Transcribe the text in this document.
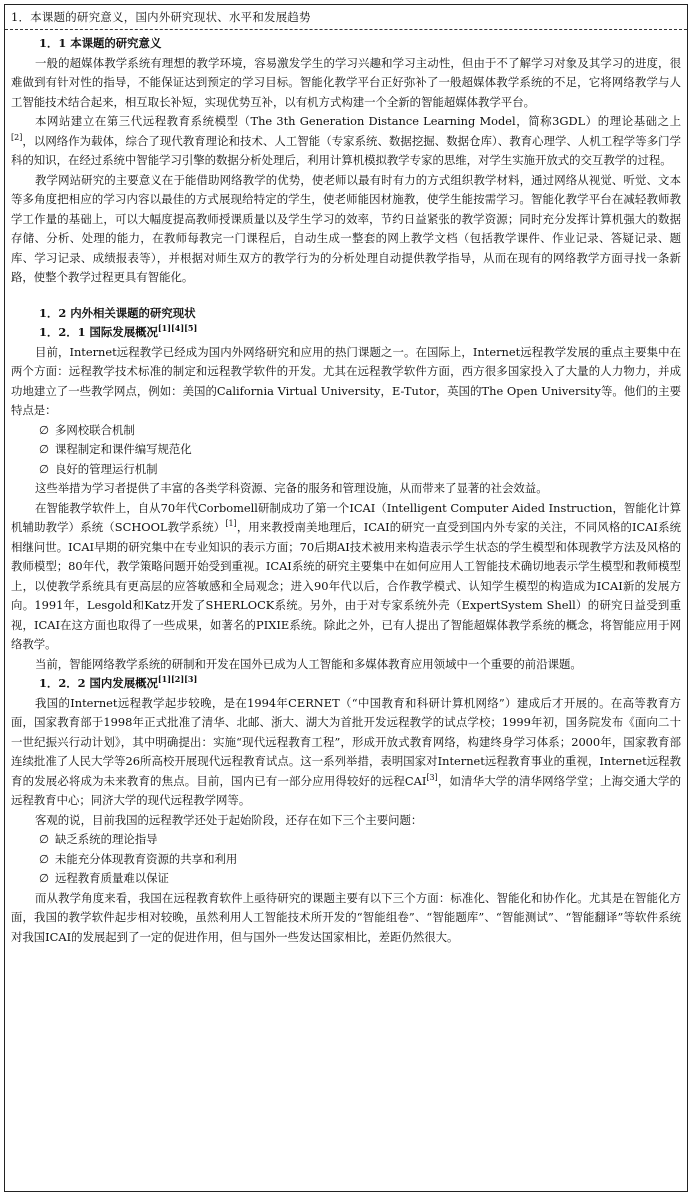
1．本课题的研究意义，国内外研究现状、水平和发展趋势
1．1 本课题的研究意义

一般的超媒体教学系统有理想的教学环境，容易激发学生的学习兴趣和学习主动性，但由于不了解学习对象及其学习的进度，很难做到有针对性的指导，不能保证达到预定的学习目标。智能化教学平台正好弥补了一般超媒体教学系统的不足，它将网络教学与人工智能技术结合起来，相互取长补短，实现优势互补，以有机方式构建一个全新的智能超媒体教学平台。

本网站建立在第三代远程教育系统模型（The 3th Generation Distance Learning Model，简称3GDL）的理论基础之上[2]，以网络作为载体，综合了现代教育理论和技术、人工智能（专家系统、数据挖掘、数据仓库）、教育心理学、人机工程学等多门学科的知识，在经过系统中智能学习引擎的数据分析处理后，利用计算机模拟教学专家的思维，对学生实施开放式的交互教学的过程。

教学网站研究的主要意义在于能借助网络教学的优势，使老师以最有时有力的方式组织教学材料，通过网络从视觉、听觉、文本等多角度把相应的学习内容以最佳的方式展现给特定的学生，使老师能因材施教，使学生能按需学习。智能化教学平台在减轻教师教学工作量的基础上，可以大幅度提高教师授课质量以及学生学习的效率，节约日益紧张的教学资源；同时充分发挥计算机强大的数据存储、分析、处理的能力，在教师每教完一门课程后，自动生成一整套的网上教学文档（包括教学课件、作业记录、答疑记录、题库、学习记录、成绩报表等），并根据对师生双方的教学行为的分析处理自动提供教学指导，从而在现有的网络教学方面寻找一条新路，使整个教学过程更具有智能化。

1．2 内外相关课题的研究现状
1．2．1 国际发展概况[1][4][5]

目前，Internet远程教学已经成为国内外网络研究和应用的热门课题之一。在国际上，Internet远程教学发展的重点主要集中在两个方面：远程教学技术标准的制定和远程教学软件的开发。尤其在远程教学软件方面，西方很多国家投入了大量的人力物力，并成功地建立了一些教学网点，例如：美国的California Virtual University，E-Tutor，英国的The Open University等。他们的主要特点是：

∅ 多网校联合机制
∅ 课程制定和课件编写规范化
∅ 良好的管理运行机制

这些举措为学习者提供了丰富的各类学科资源、完备的服务和管理设施，从而带来了显著的社会效益。

在智能教学软件上，自从70年代Corbomell研制成功了第一个ICAI（Intelligent Computer Aided Instruction，智能化计算机辅助教学）系统（SCHOOL教学系统）[1]，用来教授南美地理后，ICAI的研究一直受到国内外专家的关注，不同风格的ICAI系统相继问世。ICAI早期的研究集中在专业知识的表示方面；70后期AI技术被用来构造表示学生状态的学生模型和体现教学方法及风格的教师模型；80年代，教学策略问题开始受到重视。ICAI系统的研究主要集中在如何应用人工智能技术确切地表示学生模型和教师模型上，以使教学系统具有更高层的应答敏感和全局观念；进入90年代以后，合作教学模式、认知学生模型的构造成为ICAI新的发展方向。1991年，Lesgold和Katz开发了SHERLOCK系统。另外，由于对专家系统外壳（ExpertSystem Shell）的研究日益受到重视，ICAI在这方面也取得了一些成果，如著名的PIXIE系统。除此之外，已有人提出了智能超媒体教学系统的概念，将智能应用于网络教学。

当前，智能网络教学系统的研制和开发在国外已成为人工智能和多媒体教育应用领域中一个重要的前沿课题。

1．2．2 国内发展概况[1][2][3]

我国的Internet远程教学起步较晚，是在1994年CERNET（“中国教育和科研计算机网络”）建成后才开展的。在高等教育方面，国家教育部于1998年正式批准了清华、北邮、浙大、湖大为首批开发远程教学的试点学校；1999年初，国务院发布《面向二十一世纪振兴行动计划》，其中明确提出：实施“现代远程教育工程”，形成开放式教育网络，构建终身学习体系；2000年，国家教育部连续批准了人民大学等26所高校开展现代远程教育试点。这一系列举措，表明国家对Internet远程教育事业的重视，Internet远程教育的发展必将成为未来教育的焦点。目前，国内已有一部分应用得较好的远程CAI[3]，如清华大学的清华网络学堂；上海交通大学的远程教育中心；同济大学的现代远程教学网等。

客观的说，目前我国的远程教学还处于起始阶段，还存在如下三个主要问题：

∅ 缺乏系统的理论指导
∅ 未能充分体现教育资源的共享和利用
∅ 远程教育质量难以保证

而从教学角度来看，我国在远程教育软件上亟待研究的课题主要有以下三个方面：标准化、智能化和协作化。尤其是在智能化方面，我国的教学软件起步相对较晚，虽然利用人工智能技术所开发的“智能组卷”、“智能题库”、“智能测试”、“智能翻译”等软件系统对我国ICAI的发展起到了一定的促进作用，但与国外一些发达国家相比，差距仍然很大。
